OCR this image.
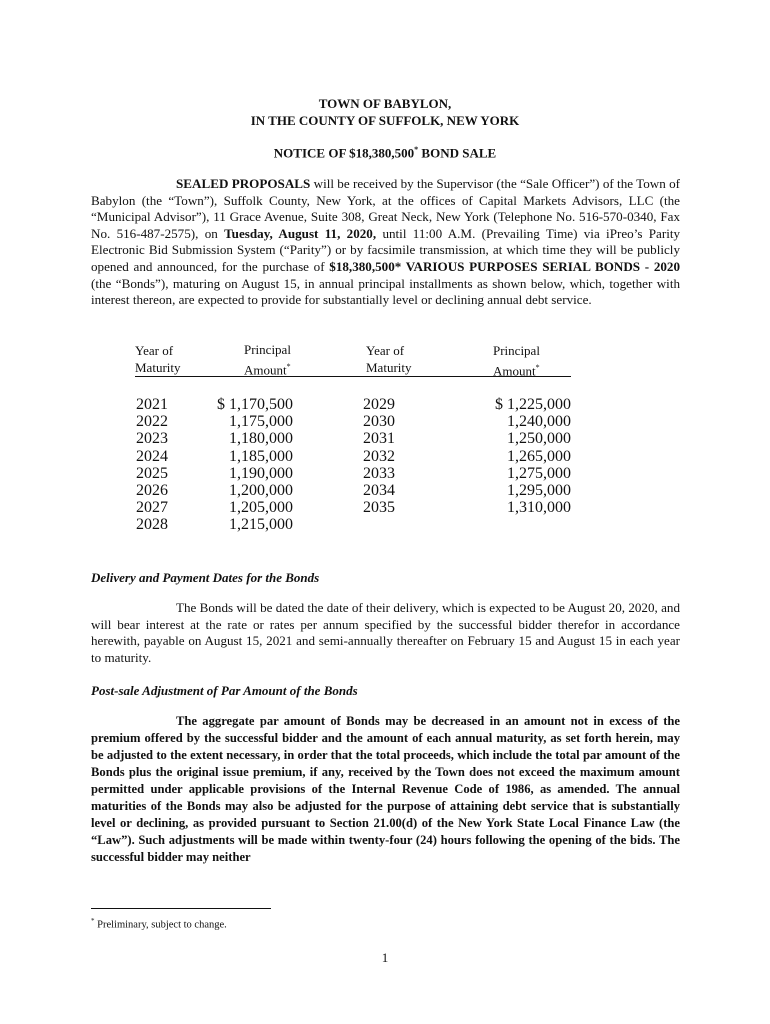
TOWN OF BABYLON,
IN THE COUNTY OF SUFFOLK, NEW YORK
NOTICE OF $18,380,500* BOND SALE

SEALED PROPOSALS will be received by the Supervisor (the “Sale Officer”) of the Town of Babylon (the “Town”), Suffolk County, New York, at the offices of Capital Markets Advisors, LLC (the “Municipal Advisor”), 11 Grace Avenue, Suite 308, Great Neck, New York (Telephone No. 516-570-0340, Fax No. 516-487-2575), on Tuesday, August 11, 2020, until 11:00 A.M. (Prevailing Time) via iPreo’s Parity Electronic Bid Submission System (“Parity”) or by facsimile transmission, at which time they will be publicly opened and announced, for the purchase of $18,380,500* VARIOUS PURPOSES SERIAL BONDS - 2020 (the “Bonds”), maturing on August 15, in annual principal installments as shown below, which, together with interest thereon, are expected to provide for substantially level or declining annual debt service.

Year of
Maturity
Principal
Amount*
Year of
Maturity
Principal
Amount*
2021
2022
2023
2024
2025
2026
2027
2028
$ 1,170,500
1,175,000
1,180,000
1,185,000
1,190,000
1,200,000
1,205,000
1,215,000
2029
2030
2031
2032
2033
2034
2035
$ 1,225,000
1,240,000
1,250,000
1,265,000
1,275,000
1,295,000
1,310,000
Delivery and Payment Dates for the Bonds

The Bonds will be dated the date of their delivery, which is expected to be August 20, 2020, and will bear interest at the rate or rates per annum specified by the successful bidder therefor in accordance herewith, payable on August 15, 2021 and semi-annually thereafter on February 15 and August 15 in each year to maturity.

Post-sale Adjustment of Par Amount of the Bonds

The aggregate par amount of Bonds may be decreased in an amount not in excess of the premium offered by the successful bidder and the amount of each annual maturity, as set forth herein, may be adjusted to the extent necessary, in order that the total proceeds, which include the total par amount of the Bonds plus the original issue premium, if any, received by the Town does not exceed the maximum amount permitted under applicable provisions of the Internal Revenue Code of 1986, as amended. The annual maturities of the Bonds may also be adjusted for the purpose of attaining debt service that is substantially level or declining, as provided pursuant to Section 21.00(d) of the New York State Local Finance Law (the “Law”). Such adjustments will be made within twenty-four (24) hours following the opening of the bids. The successful bidder may neither

* Preliminary, subject to change.
1
